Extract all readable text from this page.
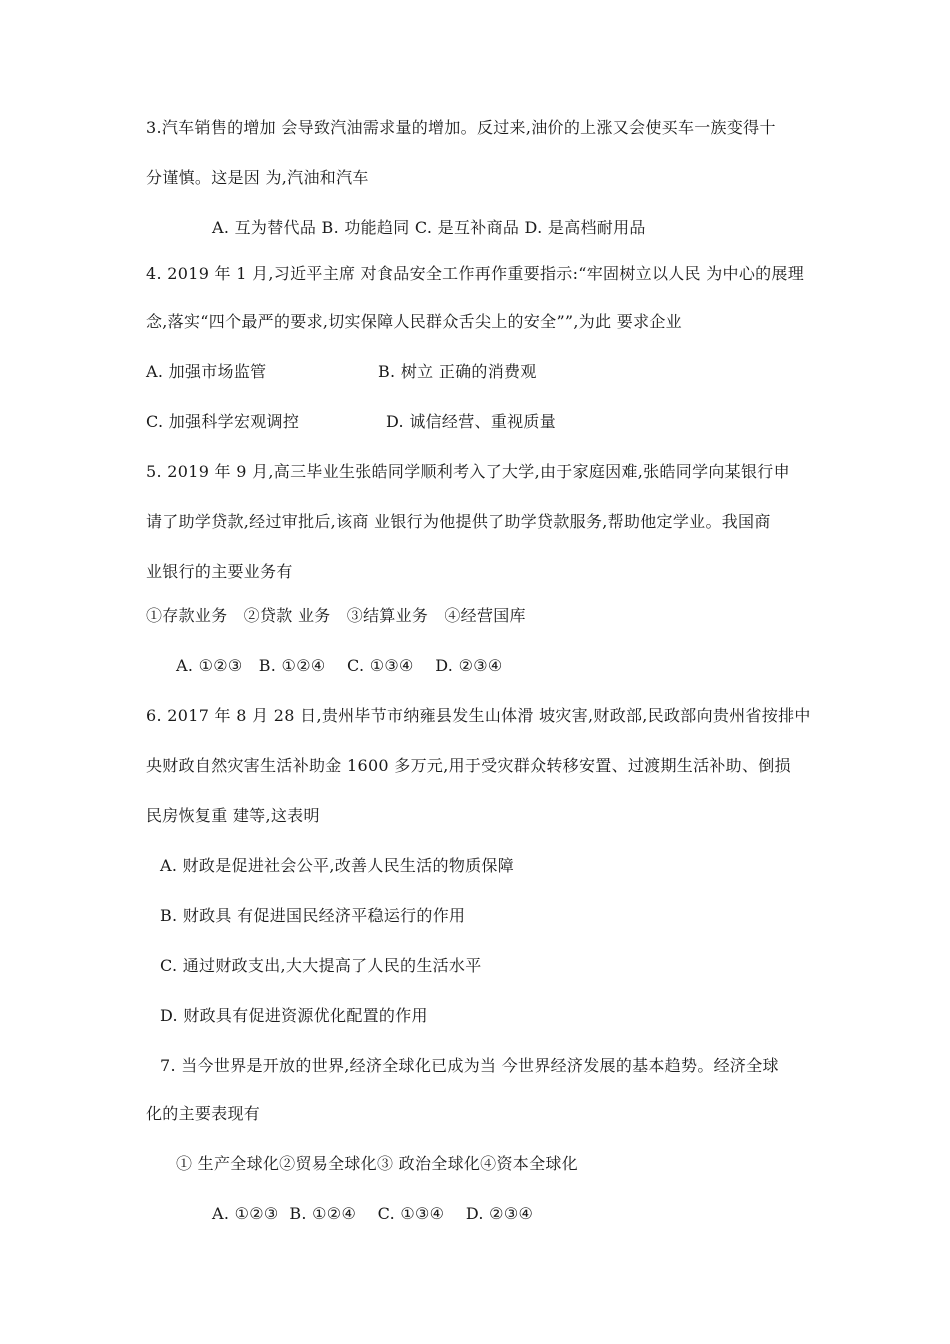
3.汽车销售的增加 会导致汽油需求量的增加。反过来,油价的上涨又会使买车一族变得十
分谨慎。这是因 为,汽油和汽车
A. 互为替代品 B. 功能趋同 C. 是互补商品 D. 是高档耐用品
4. 2019 年 1 月,习近平主席 对食品安全工作再作重要指示:“牢固树立以人民 为中心的展理
念,落实“四个最严的要求,切实保障人民群众舌尖上的安全””,为此 要求企业
A. 加强市场监管	B. 树立 正确的消费观
C. 加强科学宏观调控	D. 诚信经营、重视质量
5. 2019 年 9 月,高三毕业生张皓同学顺利考入了大学,由于家庭因难,张皓同学向某银行申
请了助学贷款,经过审批后,该商 业银行为他提供了助学贷款服务,帮助他定学业。我国商
业银行的主要业务有
①存款业务   ②贷款 业务   ③结算业务   ④经营国库
A. ①②③   B. ①②④    C. ①③④    D. ②③④
6. 2017 年 8 月 28 日,贵州毕节市纳雍县发生山体滑 坡灾害,财政部,民政部向贵州省按排中
央财政自然灾害生活补助金 1600 多万元,用于受灾群众转移安置、过渡期生活补助、倒损
民房恢复重 建等,这表明
A. 财政是促进社会公平,改善人民生活的物质保障
B. 财政具 有促进国民经济平稳运行的作用
C. 通过财政支出,大大提高了人民的生活水平
D. 财政具有促进资源优化配置的作用
7. 当今世界是开放的世界,经济全球化已成为当 今世界经济发展的基本趋势。经济全球
化的主要表现有
① 生产全球化②贸易全球化③ 政治全球化④资本全球化
A. ①②③  B. ①②④    C. ①③④    D. ②③④
